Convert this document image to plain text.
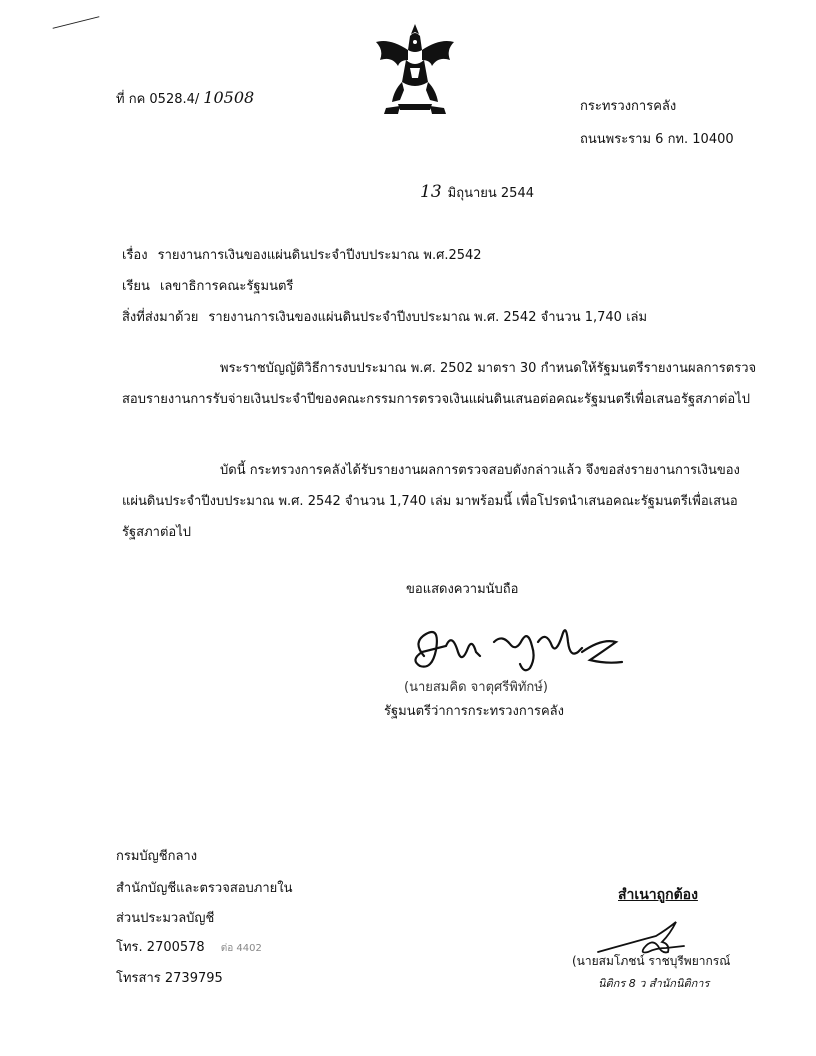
ที่ กค 0528.4/ 10508	กระทรวงการคลัง
ถนนพระราม 6 กท. 10400
13 มิถุนายน 2544
เรื่อง รายงานการเงินของแผ่นดินประจำปีงบประมาณ พ.ศ.2542
เรียน เลขาธิการคณะรัฐมนตรี
สิ่งที่ส่งมาด้วย รายงานการเงินของแผ่นดินประจำปีงบประมาณ พ.ศ. 2542 จำนวน 1,740 เล่ม
พระราชบัญญัติวิธีการงบประมาณ พ.ศ. 2502 มาตรา 30 กำหนดให้รัฐมนตรีรายงานผลการตรวจสอบรายงานการรับจ่ายเงินประจำปีของคณะกรรมการตรวจเงินแผ่นดินเสนอต่อคณะรัฐมนตรีเพื่อเสนอรัฐสภาต่อไป
บัดนี้ กระทรวงการคลังได้รับรายงานผลการตรวจสอบดังกล่าวแล้ว จึงขอส่งรายงานการเงินของแผ่นดินประจำปีงบประมาณ พ.ศ. 2542 จำนวน 1,740 เล่ม มาพร้อมนี้ เพื่อโปรดนำเสนอคณะรัฐมนตรีเพื่อเสนอรัฐสภาต่อไป
ขอแสดงความนับถือ
(นายสมคิด จาตุศรีพิทักษ์)
รัฐมนตรีว่าการกระทรวงการคลัง
กรมบัญชีกลาง
สำนักบัญชีและตรวจสอบภายใน
ส่วนประมวลบัญชี
โทร. 2700578 ต่อ 4402
โทรสาร 2739795
สำเนาถูกต้อง
(นายสมโภชน์ ราชบุรีพยากรณ์
นิติกร 8 ว สำนักนิติการ
